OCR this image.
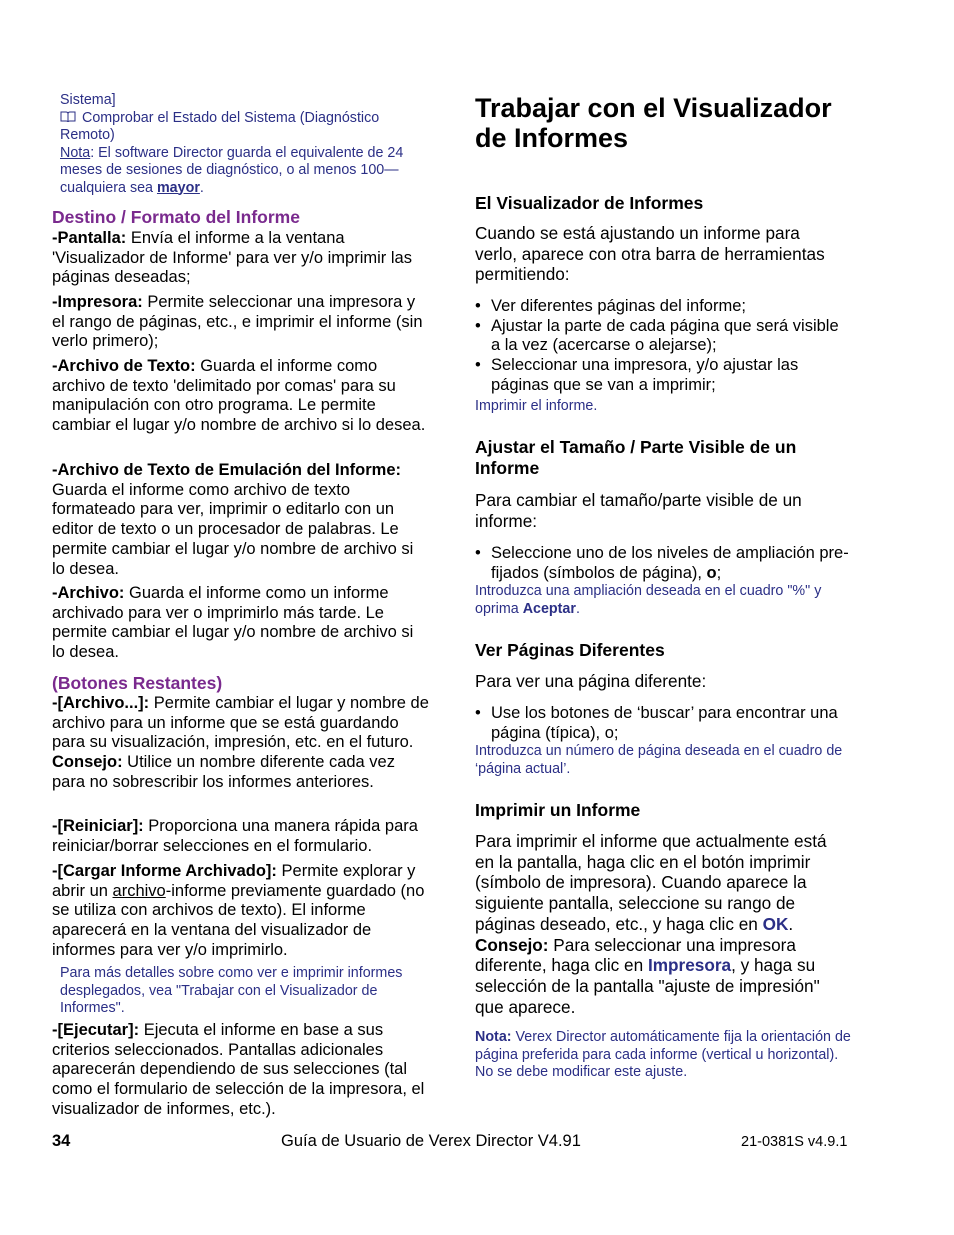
Sistema]
Comprobar el Estado del Sistema (Diagnóstico Remoto)
Nota: El software Director guarda el equivalente de 24 meses de sesiones de diagnóstico, o al menos 100—cualquiera sea mayor.
Destino / Formato del Informe
-Pantalla: Envía el informe a la ventana 'Visualizador de Informe' para ver y/o imprimir las páginas deseadas;
-Impresora: Permite seleccionar una impresora y el rango de páginas, etc., e imprimir el informe (sin verlo primero);
-Archivo de Texto: Guarda el informe como archivo de texto 'delimitado por comas' para su manipulación con otro programa. Le permite cambiar el lugar y/o nombre de archivo si lo desea.
-Archivo de Texto de Emulación del Informe: Guarda el informe como archivo de texto formateado para ver, imprimir o editarlo con un editor de texto o un procesador de palabras. Le permite cambiar el lugar y/o nombre de archivo si lo desea.
-Archivo: Guarda el informe como un informe archivado para ver o imprimirlo más tarde. Le permite cambiar el lugar y/o nombre de archivo si lo desea.
(Botones Restantes)
-[Archivo...]: Permite cambiar el lugar y nombre de archivo para un informe que se está guardando para su visualización, impresión, etc. en el futuro. Consejo: Utilice un nombre diferente cada vez para no sobrescribir los informes anteriores.
-[Reiniciar]: Proporciona una manera rápida para reiniciar/borrar selecciones en el formulario.
-[Cargar Informe Archivado]: Permite explorar y abrir un archivo-informe previamente guardado (no se utiliza con archivos de texto). El informe aparecerá en la ventana del visualizador de informes para ver y/o imprimirlo.
Para más detalles sobre como ver e imprimir informes desplegados, vea "Trabajar con el Visualizador de Informes".
-[Ejecutar]: Ejecuta el informe en base a sus criterios seleccionados. Pantallas adicionales aparecerán dependiendo de sus selecciones (tal como el formulario de selección de la impresora, el visualizador de informes, etc.).
Trabajar con el Visualizador de Informes
El Visualizador de Informes
Cuando se está ajustando un informe para verlo, aparece con otra barra de herramientas permitiendo:
• Ver diferentes páginas del informe;
• Ajustar la parte de cada página que será visible a la vez (acercarse o alejarse);
• Seleccionar una impresora, y/o ajustar las páginas que se van a imprimir;
Imprimir el informe.
Ajustar el Tamaño / Parte Visible de un Informe
Para cambiar el tamaño/parte visible de un informe:
• Seleccione uno de los niveles de ampliación pre-fijados (símbolos de página), o;
Introduzca una ampliación deseada en el cuadro "%" y oprima Aceptar.
Ver Páginas Diferentes
Para ver una página diferente:
• Use los botones de ‘buscar’ para encontrar una página (típica), o;
Introduzca un número de página deseada en el cuadro de ‘página actual’.
Imprimir un Informe
Para imprimir el informe que actualmente está en la pantalla, haga clic en el botón imprimir (símbolo de impresora). Cuando aparece la siguiente pantalla, seleccione su rango de páginas deseado, etc., y haga clic en OK. Consejo: Para seleccionar una impresora diferente, haga clic en Impresora, y haga su selección de la pantalla "ajuste de impresión" que aparece.
Nota: Verex Director automáticamente fija la orientación de página preferida para cada informe (vertical u horizontal). No se debe modificar este ajuste.
34	Guía de Usuario de Verex Director V4.91	21-0381S v4.9.1
